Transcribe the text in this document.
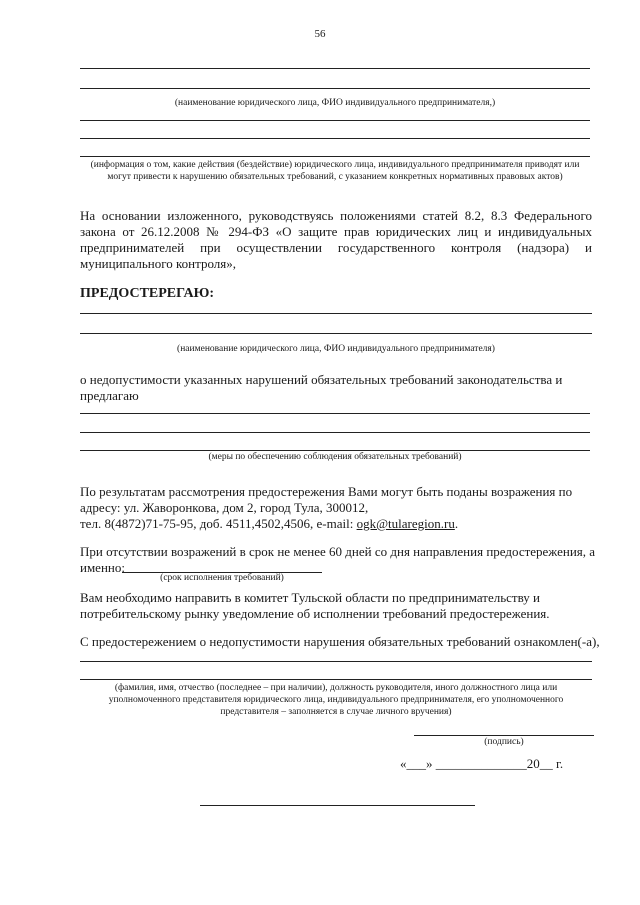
56
(наименование юридического лица, ФИО индивидуального предпринимателя,)
(информация о том, какие действия (бездействие) юридического лица, индивидуального предпринимателя приводят или могут привести к нарушению обязательных требований, с указанием конкретных нормативных правовых актов)
На основании изложенного, руководствуясь положениями статей 8.2, 8.3 Федерального закона от 26.12.2008 № 294-ФЗ «О защите прав юридических лиц и индивидуальных предпринимателей при осуществлении государственного контроля (надзора) и муниципального контроля»,
ПРЕДОСТЕРЕГАЮ:
(наименование юридического лица, ФИО индивидуального предпринимателя)
о недопустимости указанных нарушений обязательных требований законодательства и предлагаю
(меры по обеспечению соблюдения обязательных требований)
По результатам рассмотрения предостережения Вами могут быть поданы возражения по
адресу: ул. Жаворонкова, дом 2, город Тула, 300012,
тел. 8(4872)71-75-95, доб. 4511,4502,4506, e-mail: ogk@tularegion.ru.
При отсутствии возражений в срок не менее 60 дней со дня направления предостережения, а
именно:
(срок исполнения требований)
Вам необходимо направить в комитет Тульской области по предпринимательству и потребительскому рынку уведомление об исполнении требований предостережения.
С предостережением о недопустимости нарушения обязательных требований ознакомлен(-а),
(фамилия, имя, отчество (последнее – при наличии), должность руководителя, иного должностного лица или уполномоченного представителя юридического лица, индивидуального предпринимателя, его уполномоченного представителя – заполняется в случае личного вручения)
(подпись)
«___» ______________20__ г.
